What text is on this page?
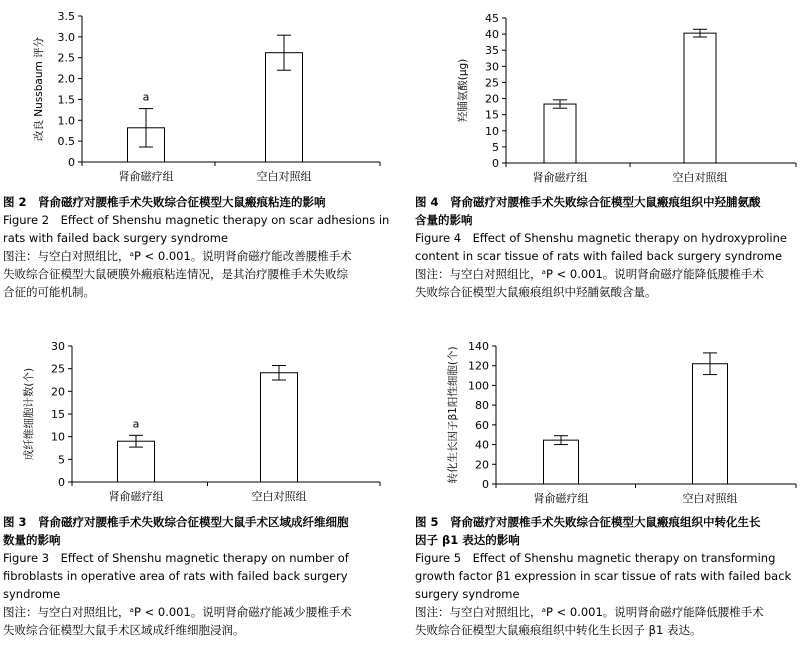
0
0.5
1.0
1.5
2.0
2.5
3.0
3.5
改良 Nussbaum 评分	a
肾俞磁疗组	空白对照组
0
5
10
15
20
25
30
35
40
45
羟脯氨酸(μg)
肾俞磁疗组	空白对照组
0
5
10
15
20
25
30
成纤维细胞计数(个)	a
肾俞磁疗组	空白对照组
0
20
40
60
80
100
120
140
转化生长因子β1阳性细胞(个)
肾俞磁疗组	空白对照组
图 2　肾俞磁疗对腰椎手术失败综合征模型大鼠瘢痕粘连的影响
Figure 2　Effect of Shenshu magnetic therapy on scar adhesions in
rats with failed back surgery syndrome
图注：与空白对照组比，ᵃP < 0.001。说明肾俞磁疗能改善腰椎手术
失败综合征模型大鼠硬膜外瘢痕粘连情况，是其治疗腰椎手术失败综
合征的可能机制。
图 4　肾俞磁疗对腰椎手术失败综合征模型大鼠瘢痕组织中羟脯氨酸
含量的影响
Figure 4　Effect of Shenshu magnetic therapy on hydroxyproline
content in scar tissue of rats with failed back surgery syndrome
图注：与空白对照组比，ᵃP < 0.001。说明肾俞磁疗能降低腰椎手术
失败综合征模型大鼠瘢痕组织中羟脯氨酸含量。
图 3　肾俞磁疗对腰椎手术失败综合征模型大鼠手术区域成纤维细胞
数量的影响
Figure 3　Effect of Shenshu magnetic therapy on number of
fibroblasts in operative area of rats with failed back surgery
syndrome
图注：与空白对照组比，ᵃP < 0.001。说明肾俞磁疗能减少腰椎手术
失败综合征模型大鼠手术区域成纤维细胞浸润。
图 5　肾俞磁疗对腰椎手术失败综合征模型大鼠瘢痕组织中转化生长
因子 β1 表达的影响
Figure 5　Effect of Shenshu magnetic therapy on transforming
growth factor β1 expression in scar tissue of rats with failed back
surgery syndrome
图注：与空白对照组比，ᵃP < 0.001。说明肾俞磁疗能降低腰椎手术
失败综合征模型大鼠瘢痕组织中转化生长因子 β1 表达。
